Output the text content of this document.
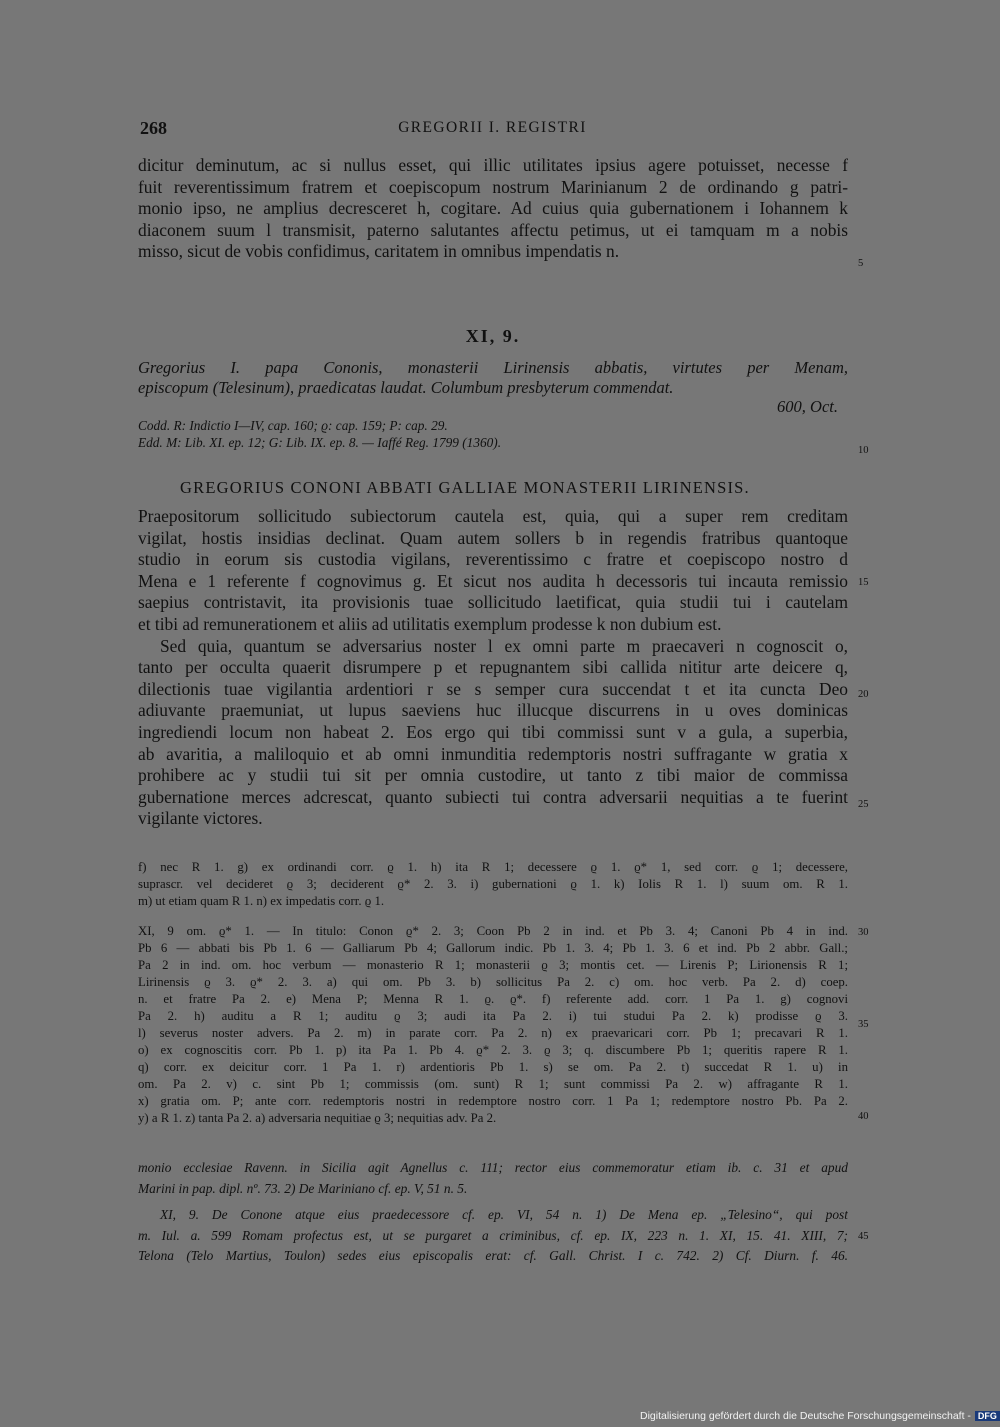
268	GREGORII I. REGISTRI
dicitur deminutum, ac si nullus esset, qui illic utilitates ipsius agere potuisset, necesse f
fuit reverentissimum fratrem et coepiscopum nostrum Marinianum 2 de ordinando g patri-
monio ipso, ne amplius decresceret h, cogitare. Ad cuius quia gubernationem i Iohannem k
diaconem suum l transmisit, paterno salutantes affectu petimus, ut ei tamquam m a nobis
misso, sicut de vobis confidimus, caritatem in omnibus impendatis n.
XI, 9.
Gregorius I. papa Cononis, monasterii Lirinensis abbatis, virtutes per Menam,
episcopum (Telesinum), praedicatas laudat. Columbum presbyterum commendat.
600, Oct.
Codd. R: Indictio I—IV, cap. 160; ϱ: cap. 159; P: cap. 29.
Edd. M: Lib. XI. ep. 12; G: Lib. IX. ep. 8. — Iaffé Reg. 1799 (1360).
GREGORIUS CONONI ABBATI GALLIAE MONASTERII LIRINENSIS.
Praepositorum sollicitudo subiectorum cautela est, quia, qui a super rem creditam
vigilat, hostis insidias declinat. Quam autem sollers b in regendis fratribus quantoque
studio in eorum sis custodia vigilans, reverentissimo c fratre et coepiscopo nostro d
Mena e 1 referente f cognovimus g. Et sicut nos audita h decessoris tui incauta remissio
saepius contristavit, ita provisionis tuae sollicitudo laetificat, quia studii tui i cautelam
et tibi ad remunerationem et aliis ad utilitatis exemplum prodesse k non dubium est.
Sed quia, quantum se adversarius noster l ex omni parte m praecaveri n cognoscit o,
tanto per occulta quaerit disrumpere p et repugnantem sibi callida nititur arte deicere q,
dilectionis tuae vigilantia ardentiori r se s semper cura succendat t et ita cuncta Deo
adiuvante praemuniat, ut lupus saeviens huc illucque discurrens in u oves dominicas
ingrediendi locum non habeat 2. Eos ergo qui tibi commissi sunt v a gula, a superbia,
ab avaritia, a maliloquio et ab omni inmunditia redemptoris nostri suffragante w gratia x
prohibere ac y studii tui sit per omnia custodire, ut tanto z tibi maior de commissa
gubernatione merces adcrescat, quanto subiecti tui contra adversarii nequitias a te fuerint
vigilante victores.
f) nec R 1. g) ex ordinandi corr. ϱ 1. h) ita R 1; decessere ϱ 1. ϱ* 1, sed corr. ϱ 1; decessere,
suprascr. vel decideret ϱ 3; deciderent ϱ* 2. 3. i) gubernationi ϱ 1. k) Iolis R 1. l) suum om. R 1.
m) ut etiam quam R 1. n) ex impedatis corr. ϱ 1.
XI, 9 om. ϱ* 1. — In titulo: Conon ϱ* 2. 3; Coon Pb 2 in ind. et Pb 3. 4; Canoni Pb 4 in ind.
Pb 6 — abbati bis Pb 1. 6 — Galliarum Pb 4; Gallorum indic. Pb 1. 3. 4; Pb 1. 3. 6 et ind. Pb 2 abbr. Gall.;
Pa 2 in ind. om. hoc verbum — monasterio R 1; monasterii ϱ 3; montis cet. — Lirenis P; Lirionensis R 1;
Lirinensis ϱ 3. ϱ* 2. 3. a) qui om. Pb 3. b) sollicitus Pa 2. c) om. hoc verb. Pa 2. d) coep.
n. et fratre Pa 2. e) Mena P; Menna R 1. ϱ. ϱ*. f) referente add. corr. 1 Pa 1. g) cognovi
Pa 2. h) auditu a R 1; auditu ϱ 3; audi ita Pa 2. i) tui studui Pa 2. k) prodisse ϱ 3.
l) severus noster advers. Pa 2. m) in parate corr. Pa 2. n) ex praevaricari corr. Pb 1; precavari R 1.
o) ex cognoscitis corr. Pb 1. p) ita Pa 1. Pb 4. ϱ* 2. 3. ϱ 3; q. discumbere Pb 1; queritis rapere R 1.
q) corr. ex deicitur corr. 1 Pa 1. r) ardentioris Pb 1. s) se om. Pa 2. t) succedat R 1. u) in
om. Pa 2. v) c. sint Pb 1; commissis (om. sunt) R 1; sunt commissi Pa 2. w) affragante R 1.
x) gratia om. P; ante corr. redemptoris nostri in redemptore nostro corr. 1 Pa 1; redemptore nostro Pb. Pa 2.
y) a R 1. z) tanta Pa 2. a) adversaria nequitiae ϱ 3; nequitias adv. Pa 2.
monio ecclesiae Ravenn. in Sicilia agit Agnellus c. 111; rector eius commemoratur etiam ib. c. 31 et apud
Marini in pap. dipl. nº. 73. 2) De Mariniano cf. ep. V, 51 n. 5.
XI, 9. De Conone atque eius praedecessore cf. ep. VI, 54 n. 1) De Mena ep. „Telesino“, qui post
m. Iul. a. 599 Romam profectus est, ut se purgaret a criminibus, cf. ep. IX, 223 n. 1. XI, 15. 41. XIII, 7;
Telona (Telo Martius, Toulon) sedes eius episcopalis erat: cf. Gall. Christ. I c. 742. 2) Cf. Diurn. f. 46.
5
10
15
20
25
30
35
40
45
Digitalisierung gefördert durch die Deutsche Forschungsgemeinschaft - DFG
